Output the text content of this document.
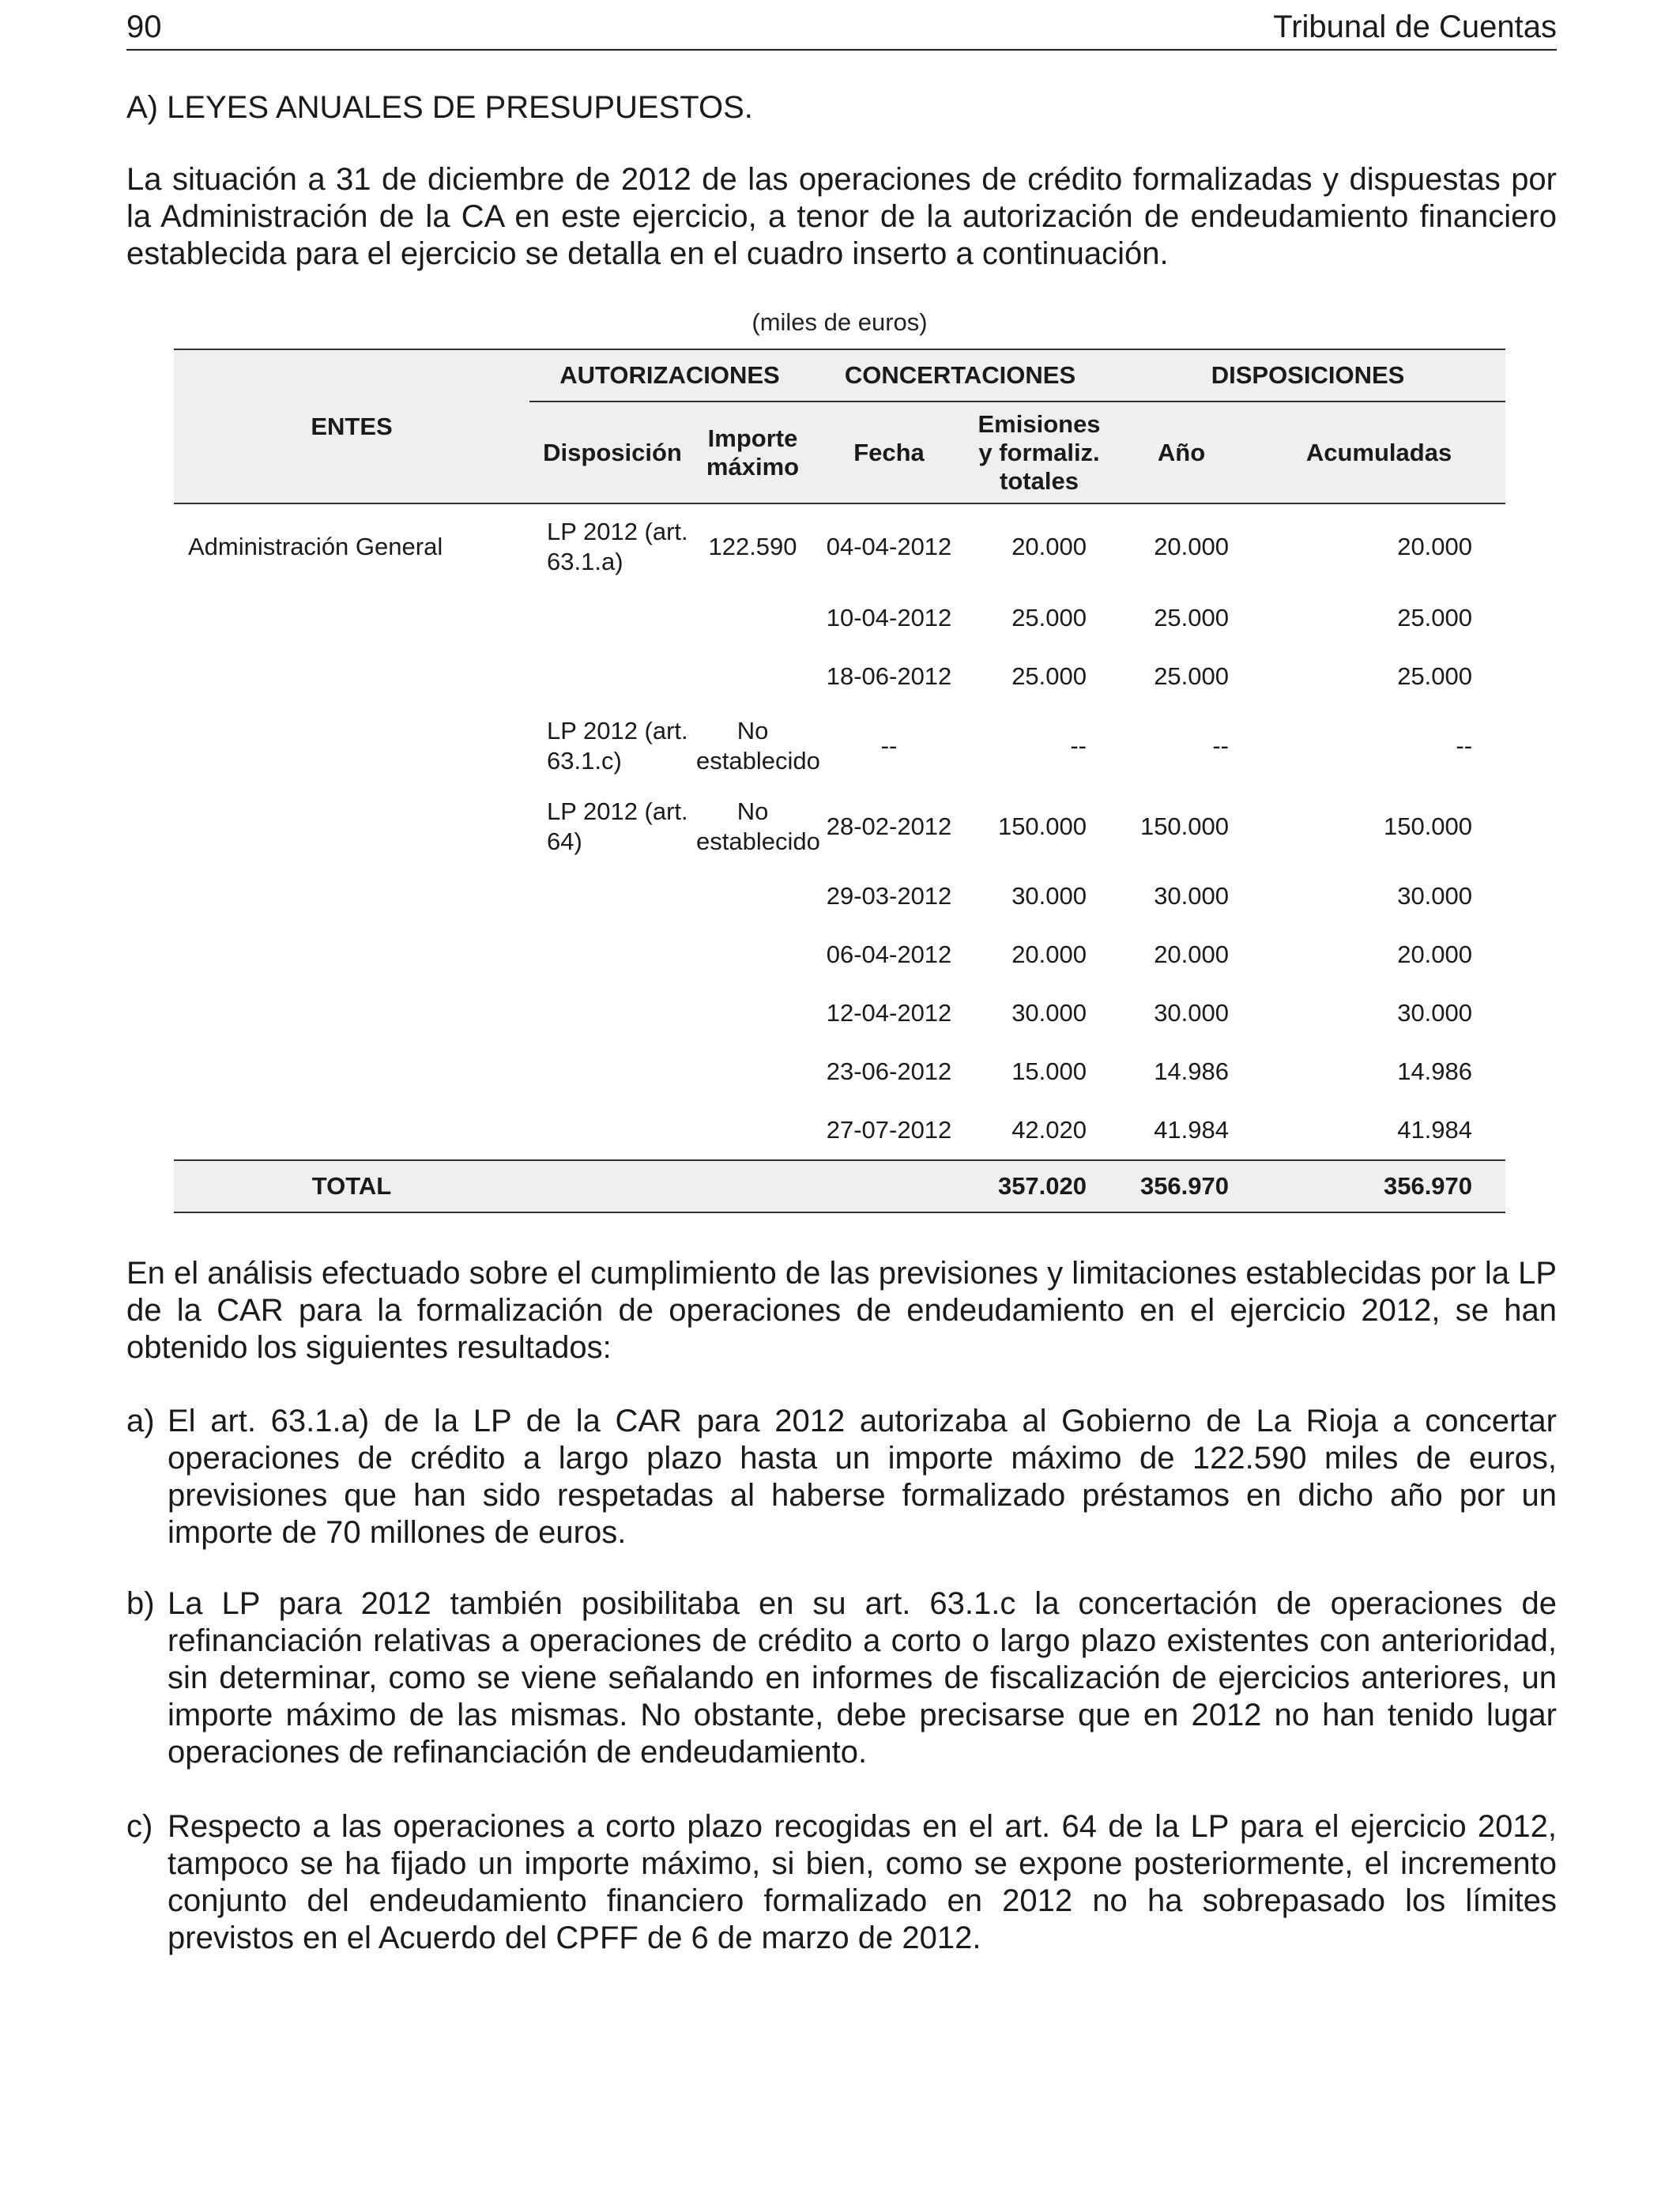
90	Tribunal de Cuentas
A) LEYES ANUALES DE PRESUPUESTOS.
La situación a 31 de diciembre de 2012 de las operaciones de crédito formalizadas y dispuestas por la Administración de la CA en este ejercicio, a tenor de la autorización de endeudamiento financiero establecida para el ejercicio se detalla en el cuadro inserto a continuación.
(miles de euros)
ENTES	AUTORIZACIONES		CONCERTACIONES		DISPOSICIONES	
	Disposición	Importe máximo	Fecha	Emisiones y formaliz. totales	Año	Acumuladas
Administración General	LP 2012 (art. 63.1.a)	122.590	04-04-2012	20.000	20.000	20.000
			10-04-2012	25.000	25.000	25.000
			18-06-2012	25.000	25.000	25.000
	LP 2012 (art. 63.1.c)	No establecido	--	--	--	--
	LP 2012 (art. 64)	No establecido	28-02-2012	150.000	150.000	150.000
			29-03-2012	30.000	30.000	30.000
			06-04-2012	20.000	20.000	20.000
			12-04-2012	30.000	30.000	30.000
			23-06-2012	15.000	14.986	14.986
			27-07-2012	42.020	41.984	41.984
TOTAL				357.020	356.970	356.970
En el análisis efectuado sobre el cumplimiento de las previsiones y limitaciones establecidas por la LP de la CAR para la formalización de operaciones de endeudamiento en el ejercicio 2012, se han obtenido los siguientes resultados:
a) El art. 63.1.a) de la LP de la CAR para 2012 autorizaba al Gobierno de La Rioja a concertar operaciones de crédito a largo plazo hasta un importe máximo de 122.590 miles de euros, previsiones que han sido respetadas al haberse formalizado préstamos en dicho año por un importe de 70 millones de euros.
b) La LP para 2012 también posibilitaba en su art. 63.1.c la concertación de operaciones de refinanciación relativas a operaciones de crédito a corto o largo plazo existentes con anterioridad, sin determinar, como se viene señalando en informes de fiscalización de ejercicios anteriores, un importe máximo de las mismas. No obstante, debe precisarse que en 2012 no han tenido lugar operaciones de refinanciación de endeudamiento.
c) Respecto a las operaciones a corto plazo recogidas en el art. 64 de la LP para el ejercicio 2012, tampoco se ha fijado un importe máximo, si bien, como se expone posteriormente, el incremento conjunto del endeudamiento financiero formalizado en 2012 no ha sobrepasado los límites previstos en el Acuerdo del CPFF de 6 de marzo de 2012.
